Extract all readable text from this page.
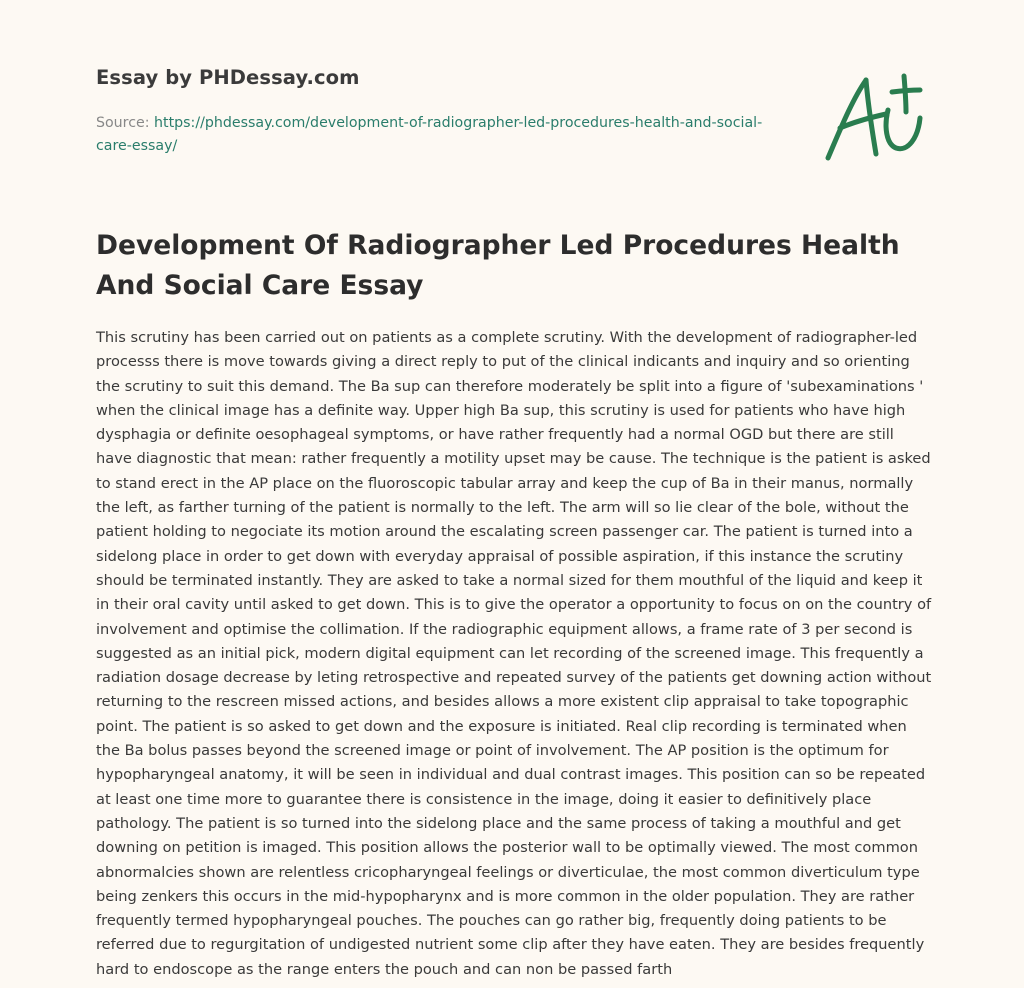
Essay by PHDessay.com
Source: https://phdessay.com/development-of-radiographer-led-procedures-health-and-social-care-essay/
Development Of Radiographer Led Procedures Health And Social Care Essay

This scrutiny has been carried out on patients as a complete scrutiny. With the development of radiographer-led processs there is move towards giving a direct reply to put of the clinical indicants and inquiry and so orienting the scrutiny to suit this demand. The Ba sup can therefore moderately be split into a figure of 'subexaminations ' when the clinical image has a definite way. Upper high Ba sup, this scrutiny is used for patients who have high dysphagia or definite oesophageal symptoms, or have rather frequently had a normal OGD but there are still have diagnostic that mean: rather frequently a motility upset may be cause. The technique is the patient is asked to stand erect in the AP place on the fluoroscopic tabular array and keep the cup of Ba in their manus, normally the left, as farther turning of the patient is normally to the left. The arm will so lie clear of the bole, without the patient holding to negociate its motion around the escalating screen passenger car. The patient is turned into a sidelong place in order to get down with everyday appraisal of possible aspiration, if this instance the scrutiny should be terminated instantly. They are asked to take a normal sized for them mouthful of the liquid and keep it in their oral cavity until asked to get down. This is to give the operator a opportunity to focus on on the country of involvement and optimise the collimation. If the radiographic equipment allows, a frame rate of 3 per second is suggested as an initial pick, modern digital equipment can let recording of the screened image. This frequently a radiation dosage decrease by leting retrospective and repeated survey of the patients get downing action without returning to the rescreen missed actions, and besides allows a more existent clip appraisal to take topographic point. The patient is so asked to get down and the exposure is initiated. Real clip recording is terminated when the Ba bolus passes beyond the screened image or point of involvement. The AP position is the optimum for hypopharyngeal anatomy, it will be seen in individual and dual contrast images. This position can so be repeated at least one time more to guarantee there is consistence in the image, doing it easier to definitively place pathology. The patient is so turned into the sidelong place and the same process of taking a mouthful and get downing on petition is imaged. This position allows the posterior wall to be optimally viewed. The most common abnormalcies shown are relentless cricopharyngeal feelings or diverticulae, the most common diverticulum type being zenkers this occurs in the mid-hypopharynx and is more common in the older population. They are rather frequently termed hypopharyngeal pouches. The pouches can go rather big, frequently doing patients to be referred due to regurgitation of undigested nutrient some clip after they have eaten. They are besides frequently hard to endoscope as the range enters the pouch and can non be passed farth
